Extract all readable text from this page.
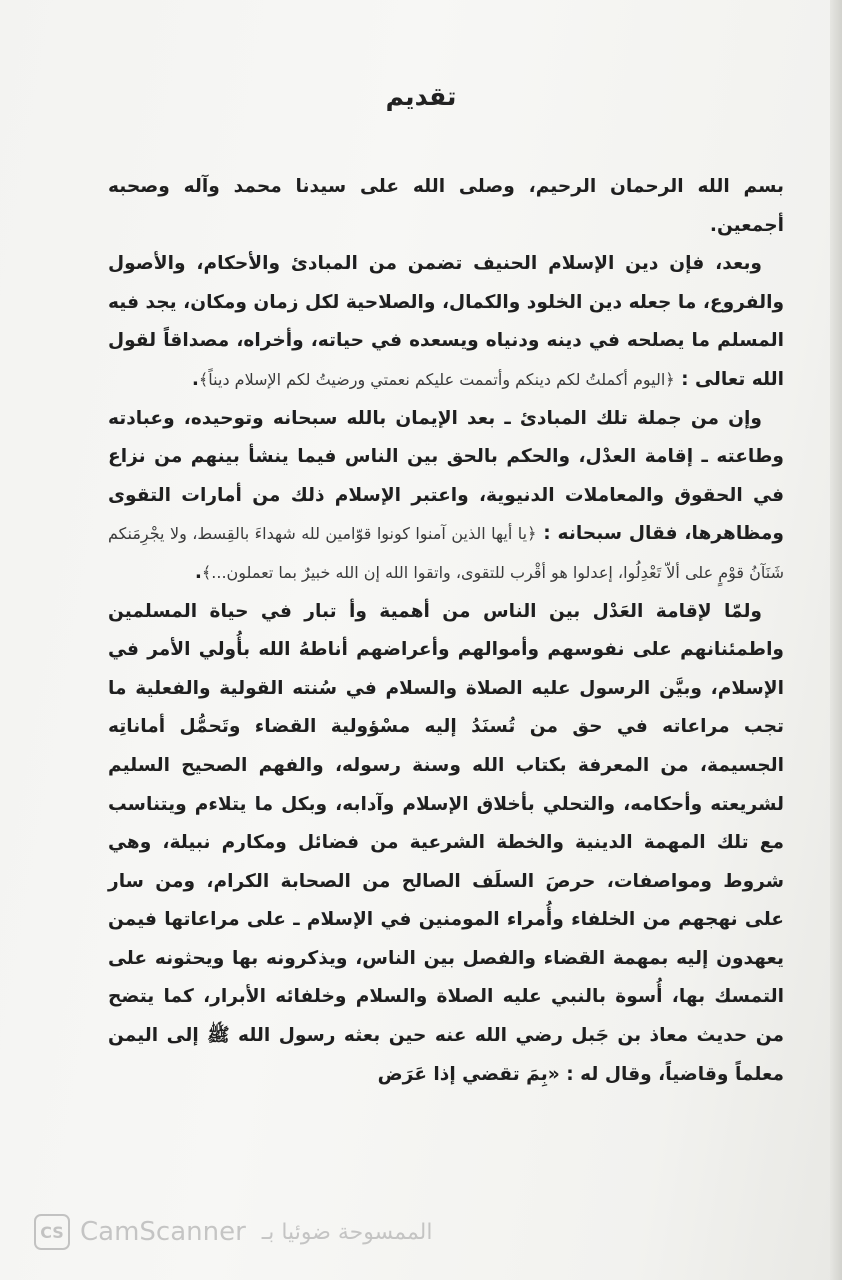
تقديم

بسم الله الرحمان الرحيم، وصلى الله على سيدنا محمد وآله وصحبه أجمعين.

وبعد، فإن دين الإسلام الحنيف تضمن من المبادئ والأحكام، والأصول والفروع، ما جعله دين الخلود والكمال، والصلاحية لكل زمان ومكان، يجد فيه المسلم ما يصلحه في دينه ودنياه ويسعده في حياته، وأخراه، مصداقاً لقول الله تعالى : ﴿اليوم أكملتُ لكم دينكم وأتممت عليكم نعمتي ورضيتُ لكم الإسلام ديناً﴾.

وإن من جملة تلك المبادئ ـ بعد الإيمان بالله سبحانه وتوحيده، وعبادته وطاعته ـ إقامة العدْل، والحكم بالحق بين الناس فيما ينشأ بينهم من نزاع في الحقوق والمعاملات الدنيوية، واعتبر الإسلام ذلك من أمارات التقوى ومظاهرها، فقال سبحانه : ﴿يا أيها الذين آمنوا كونوا قوّامين لله شهداءَ بالقِسط، ولا يجْرِمَنكم شَنَآنُ قوْمٍ على ألاّ تَعْدِلُوا، إعدلوا هو أقْرب للتقوى، واتقوا الله إن الله خبيرٌ بما تعملون...﴾.

ولمّا لإقامة العَدْل بين الناس من أهمية وأ تبار في حياة المسلمين واطمئنانهم على نفوسهم وأموالهم وأعراضهم أناطهُ الله بأُولي الأمر في الإسلام، وبيَّن الرسول عليه الصلاة والسلام في سُنته القولية والفعلية ما تجب مراعاته في حق من تُسنَدُ إليه مسْؤولية القضاء وتَحمُّل أماناتِه الجسيمة، من المعرفة بكتاب الله وسنة رسوله، والفهم الصحيح السليم لشريعته وأحكامه، والتحلي بأخلاق الإسلام وآدابه، وبكل ما يتلاءم ويتناسب مع تلك المهمة الدينية والخطة الشرعية من فضائل ومكارم نبيلة، وهي شروط ومواصفات، حرصَ السلَف الصالح من الصحابة الكرام، ومن سار على نهجهم من الخلفاء وأُمراء المومنين في الإسلام ـ على مراعاتها فيمن يعهدون إليه بمهمة القضاء والفصل بين الناس، ويذكرونه بها ويحثونه على التمسك بها، أُسوة بالنبي عليه الصلاة والسلام وخلفائه الأبرار، كما يتضح من حديث معاذ بن جَبل رضي الله عنه حين بعثه رسول الله ﷺ إلى اليمن معلماً وقاضياً، وقال له : «بِمَ تقضي إذا عَرَض

CS CamScanner الممسوحة ضوئيا بـ
